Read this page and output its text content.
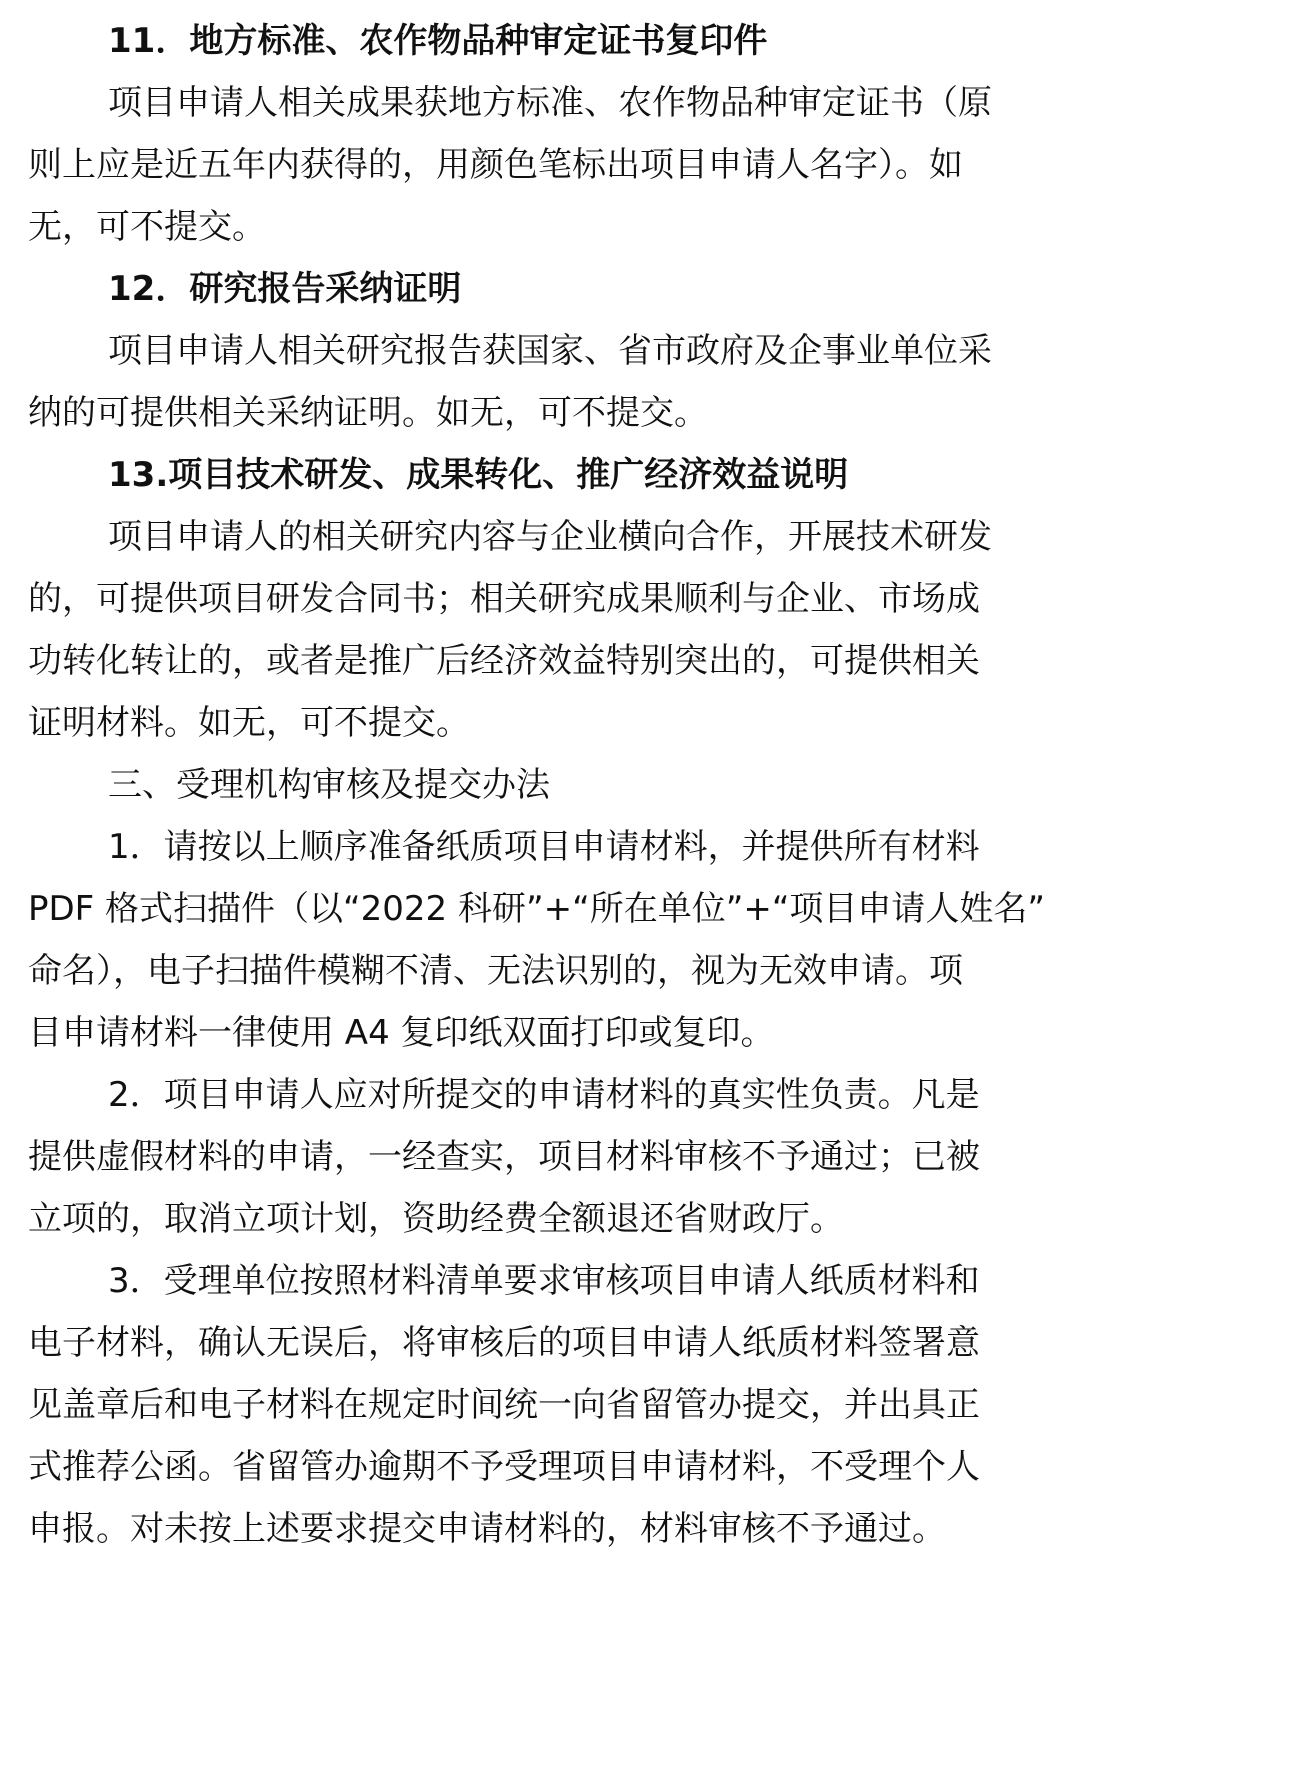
11．地方标准、农作物品种审定证书复印件
项目申请人相关成果获地方标准、农作物品种审定证书（原
则上应是近五年内获得的，用颜色笔标出项目申请人名字）。如
无，可不提交。
12．研究报告采纳证明
项目申请人相关研究报告获国家、省市政府及企事业单位采
纳的可提供相关采纳证明。如无，可不提交。
13.项目技术研发、成果转化、推广经济效益说明
项目申请人的相关研究内容与企业横向合作，开展技术研发
的，可提供项目研发合同书；相关研究成果顺利与企业、市场成
功转化转让的，或者是推广后经济效益特别突出的，可提供相关
证明材料。如无，可不提交。
三、受理机构审核及提交办法
1．请按以上顺序准备纸质项目申请材料，并提供所有材料
PDF 格式扫描件（以“2022 科研”+“所在单位”+“项目申请人姓名”
命名），电子扫描件模糊不清、无法识别的，视为无效申请。项
目申请材料一律使用 A4 复印纸双面打印或复印。
2．项目申请人应对所提交的申请材料的真实性负责。凡是
提供虚假材料的申请，一经查实，项目材料审核不予通过；已被
立项的，取消立项计划，资助经费全额退还省财政厅。
3．受理单位按照材料清单要求审核项目申请人纸质材料和
电子材料，确认无误后，将审核后的项目申请人纸质材料签署意
见盖章后和电子材料在规定时间统一向省留管办提交，并出具正
式推荐公函。省留管办逾期不予受理项目申请材料，不受理个人
申报。对未按上述要求提交申请材料的，材料审核不予通过。
